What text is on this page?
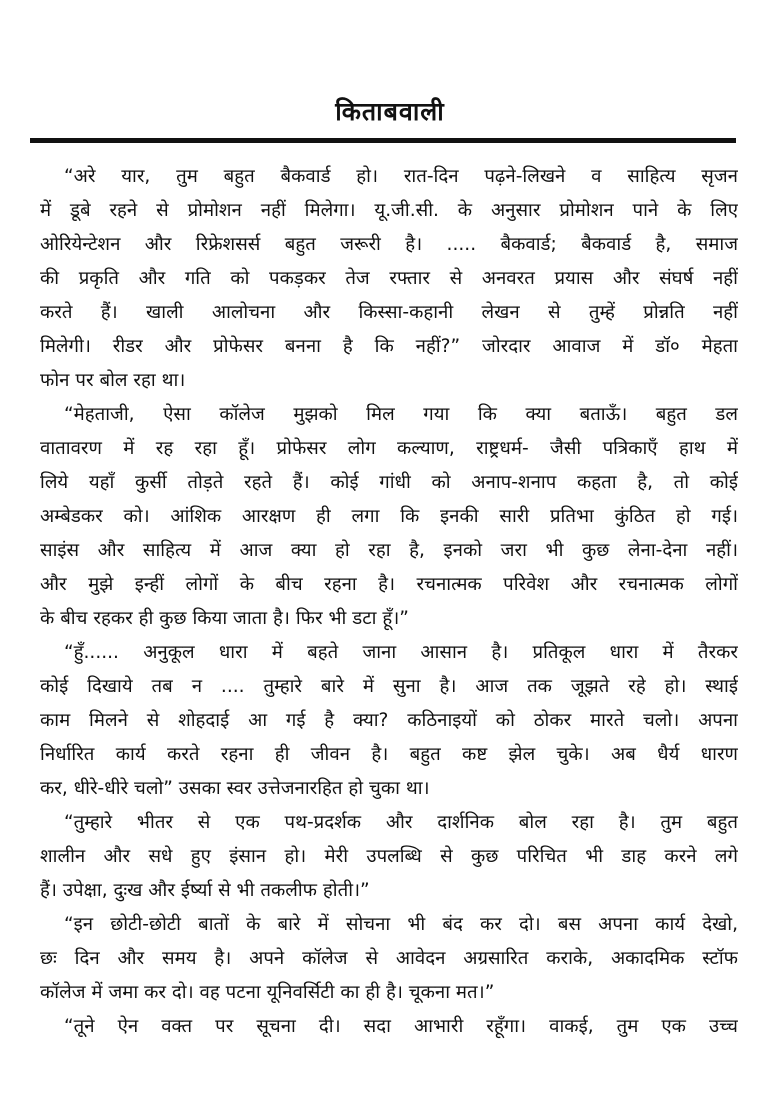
किताबवाली
“अरे यार, तुम बहुत बैकवार्ड हो। रात-दिन पढ़ने-लिखने व साहित्य सृजन
में डूबे रहने से प्रोमोशन नहीं मिलेगा। यू.जी.सी. के अनुसार प्रोमोशन पाने के लिए
ओरियेन्टेशन और रिफ्रेशसर्स बहुत जरूरी है। ..... बैकवार्ड; बैकवार्ड है, समाज
की प्रकृति और गति को पकड़कर तेज रफ्तार से अनवरत प्रयास और संघर्ष नहीं
करते हैं। खाली आलोचना और किस्सा-कहानी लेखन से तुम्हें प्रोन्नति नहीं
मिलेगी। रीडर और प्रोफेसर बनना है कि नहीं?” जोरदार आवाज में डॉ० मेहता
फोन पर बोल रहा था।
“मेहताजी, ऐसा कॉलेज मुझको मिल गया कि क्या बताऊँ। बहुत डल
वातावरण में रह रहा हूँ। प्रोफेसर लोग कल्याण, राष्ट्रधर्म- जैसी पत्रिकाएँ हाथ में
लिये यहाँ कुर्सी तोड़ते रहते हैं। कोई गांधी को अनाप-शनाप कहता है, तो कोई
अम्बेडकर को। आंशिक आरक्षण ही लगा कि इनकी सारी प्रतिभा कुंठित हो गई।
साइंस और साहित्य में आज क्या हो रहा है, इनको जरा भी कुछ लेना-देना नहीं।
और मुझे इन्हीं लोगों के बीच रहना है। रचनात्मक परिवेश और रचनात्मक लोगों
के बीच रहकर ही कुछ किया जाता है। फिर भी डटा हूँ।”
“हुँ...... अनुकूल धारा में बहते जाना आसान है। प्रतिकूल धारा में तैरकर
कोई दिखाये तब न .... तुम्हारे बारे में सुना है। आज तक जूझते रहे हो। स्थाई
काम मिलने से शोहदाई आ गई है क्या? कठिनाइयों को ठोकर मारते चलो। अपना
निर्धारित कार्य करते रहना ही जीवन है। बहुत कष्ट झेल चुके। अब धैर्य धारण
कर, धीरे-धीरे चलो” उसका स्वर उत्तेजनारहित हो चुका था।
“तुम्हारे भीतर से एक पथ-प्रदर्शक और दार्शनिक बोल रहा है। तुम बहुत
शालीन और सधे हुए इंसान हो। मेरी उपलब्धि से कुछ परिचित भी डाह करने लगे
हैं। उपेक्षा, दुःख और ईर्ष्या से भी तकलीफ होती।”
“इन छोटी-छोटी बातों के बारे में सोचना भी बंद कर दो। बस अपना कार्य देखो,
छः दिन और समय है। अपने कॉलेज से आवेदन अग्रसारित कराके, अकादमिक स्टॉफ
कॉलेज में जमा कर दो। वह पटना यूनिवर्सिटी का ही है। चूकना मत।”
“तूने ऐन वक्त पर सूचना दी। सदा आभारी रहूँगा। वाकई, तुम एक उच्च
